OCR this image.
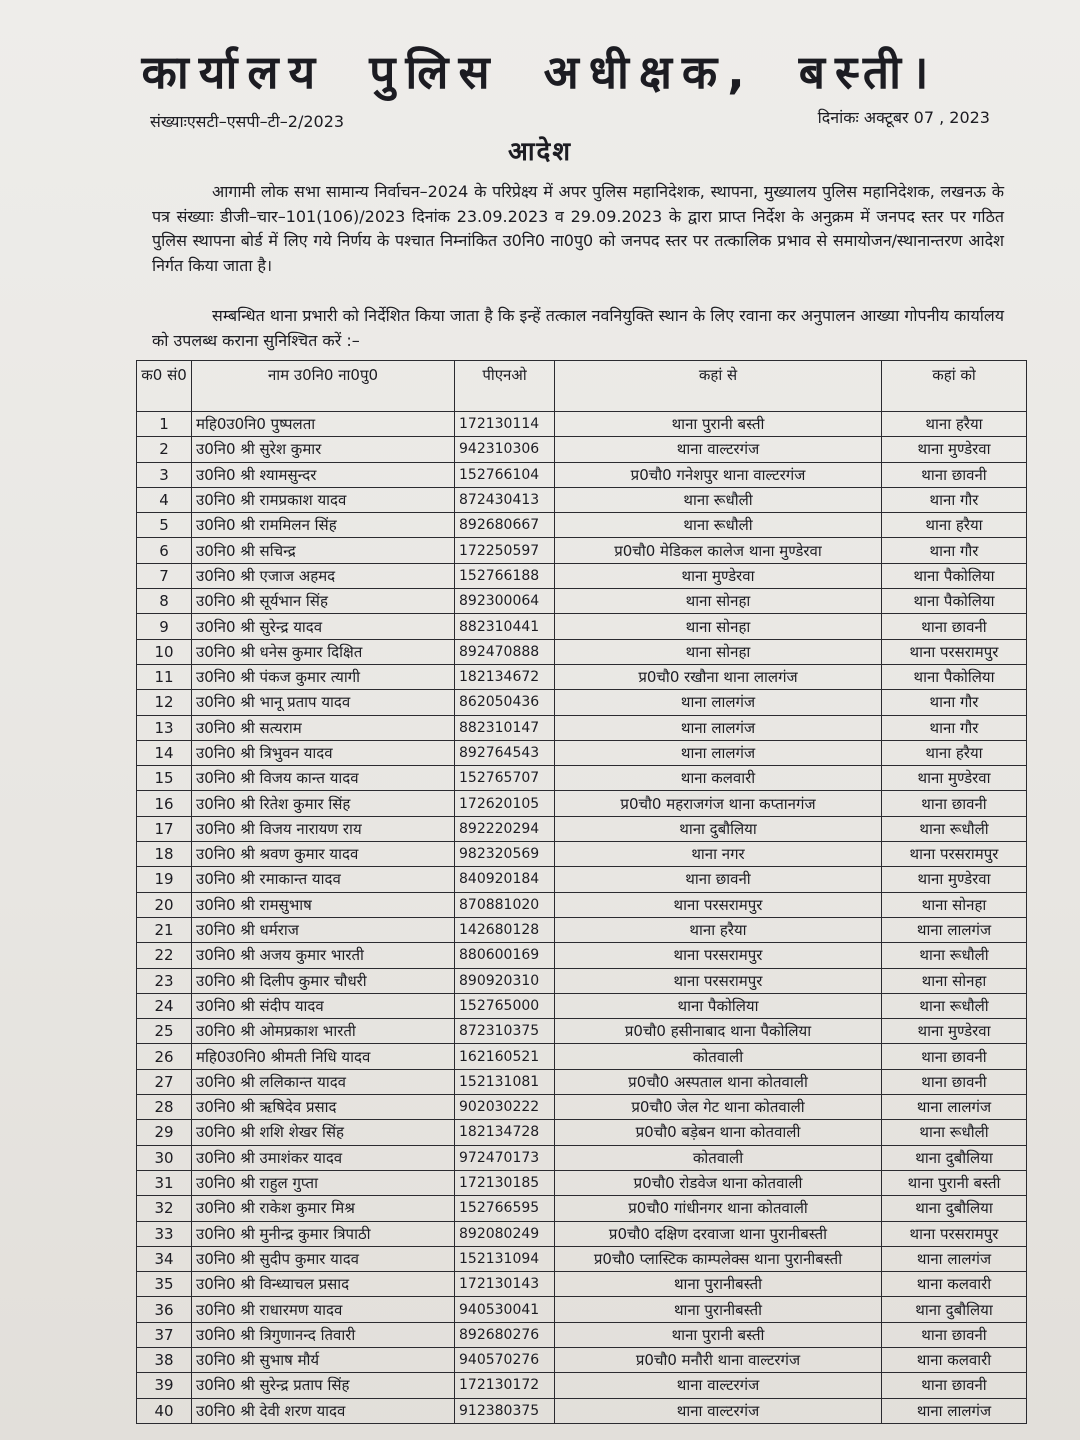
कार्यालय पुलिस अधीक्षक, बस्ती।
संख्याःएसटी–एसपी–टी–2/2023	दिनांकः अक्टूबर 07 , 2023
आदेश
आगामी लोक सभा सामान्य निर्वाचन–2024 के परिप्रेक्ष्य में अपर पुलिस महानिदेशक, स्थापना, मुख्यालय पुलिस महानिदेशक, लखनऊ के पत्र संख्याः डीजी–चार–101(106)/2023 दिनांक 23.09.2023 व 29.09.2023 के द्वारा प्राप्त निर्देश के अनुक्रम में जनपद स्तर पर गठित पुलिस स्थापना बोर्ड में लिए गये निर्णय के पश्चात निम्नांकित उ0नि0 ना0पु0 को जनपद स्तर पर तत्कालिक प्रभाव से समायोजन/स्थानान्तरण आदेश निर्गत किया जाता है।
सम्बन्धित थाना प्रभारी को निर्देशित किया जाता है कि इन्हें तत्काल नवनियुक्ति स्थान के लिए रवाना कर अनुपालन आख्या गोपनीय कार्यालय को उपलब्ध कराना सुनिश्चित करें :–
क0 सं0	नाम उ0नि0 ना0पु0	पीएनओ	कहां से	कहां को
1	महि0उ0नि0 पुष्पलता	172130114	थाना पुरानी बस्ती	थाना हरैया
2	उ0नि0 श्री सुरेश कुमार	942310306	थाना वाल्टरगंज	थाना मुण्डेरवा
3	उ0नि0 श्री श्यामसुन्दर	152766104	प्र0चौ0 गनेशपुर थाना वाल्टरगंज	थाना छावनी
4	उ0नि0 श्री रामप्रकाश यादव	872430413	थाना रूधौली	थाना गौर
5	उ0नि0 श्री राममिलन सिंह	892680667	थाना रूधौली	थाना हरैया
6	उ0नि0 श्री सचिन्द्र	172250597	प्र0चौ0 मेडिकल कालेज थाना मुण्डेरवा	थाना गौर
7	उ0नि0 श्री एजाज अहमद	152766188	थाना मुण्डेरवा	थाना पैकोलिया
8	उ0नि0 श्री सूर्यभान सिंह	892300064	थाना सोनहा	थाना पैकोलिया
9	उ0नि0 श्री सुरेन्द्र यादव	882310441	थाना सोनहा	थाना छावनी
10	उ0नि0 श्री धनेस कुमार दिक्षित	892470888	थाना सोनहा	थाना परसरामपुर
11	उ0नि0 श्री पंकज कुमार त्यागी	182134672	प्र0चौ0 रखौना थाना लालगंज	थाना पैकोलिया
12	उ0नि0 श्री भानू प्रताप यादव	862050436	थाना लालगंज	थाना गौर
13	उ0नि0 श्री सत्यराम	882310147	थाना लालगंज	थाना गौर
14	उ0नि0 श्री त्रिभुवन यादव	892764543	थाना लालगंज	थाना हरैया
15	उ0नि0 श्री विजय कान्त यादव	152765707	थाना कलवारी	थाना मुण्डेरवा
16	उ0नि0 श्री रितेश कुमार सिंह	172620105	प्र0चौ0 महराजगंज थाना कप्तानगंज	थाना छावनी
17	उ0नि0 श्री विजय नारायण राय	892220294	थाना दुबौलिया	थाना रूधौली
18	उ0नि0 श्री श्रवण कुमार यादव	982320569	थाना नगर	थाना परसरामपुर
19	उ0नि0 श्री रमाकान्त यादव	840920184	थाना छावनी	थाना मुण्डेरवा
20	उ0नि0 श्री रामसुभाष	870881020	थाना परसरामपुर	थाना सोनहा
21	उ0नि0 श्री धर्मराज	142680128	थाना हरैया	थाना लालगंज
22	उ0नि0 श्री अजय कुमार भारती	880600169	थाना परसरामपुर	थाना रूधौली
23	उ0नि0 श्री दिलीप कुमार चौधरी	890920310	थाना परसरामपुर	थाना सोनहा
24	उ0नि0 श्री संदीप यादव	152765000	थाना पैकोलिया	थाना रूधौली
25	उ0नि0 श्री ओमप्रकाश भारती	872310375	प्र0चौ0 हसीनाबाद थाना पैकोलिया	थाना मुण्डेरवा
26	महि0उ0नि0 श्रीमती निधि यादव	162160521	कोतवाली	थाना छावनी
27	उ0नि0 श्री ललिकान्त यादव	152131081	प्र0चौ0 अस्पताल थाना कोतवाली	थाना छावनी
28	उ0नि0 श्री ऋषिदेव प्रसाद	902030222	प्र0चौ0 जेल गेट थाना कोतवाली	थाना लालगंज
29	उ0नि0 श्री शशि शेखर सिंह	182134728	प्र0चौ0 बड़ेबन थाना कोतवाली	थाना रूधौली
30	उ0नि0 श्री उमाशंकर यादव	972470173	कोतवाली	थाना दुबौलिया
31	उ0नि0 श्री राहुल गुप्ता	172130185	प्र0चौ0 रोडवेज थाना कोतवाली	थाना पुरानी बस्ती
32	उ0नि0 श्री राकेश कुमार मिश्र	152766595	प्र0चौ0 गांधीनगर थाना कोतवाली	थाना दुबौलिया
33	उ0नि0 श्री मुनीन्द्र कुमार त्रिपाठी	892080249	प्र0चौ0 दक्षिण दरवाजा थाना पुरानीबस्ती	थाना परसरामपुर
34	उ0नि0 श्री सुदीप कुमार यादव	152131094	प्र0चौ0 प्लास्टिक काम्पलेक्स थाना पुरानीबस्ती	थाना लालगंज
35	उ0नि0 श्री विन्ध्याचल प्रसाद	172130143	थाना पुरानीबस्ती	थाना कलवारी
36	उ0नि0 श्री राधारमण यादव	940530041	थाना पुरानीबस्ती	थाना दुबौलिया
37	उ0नि0 श्री त्रिगुणानन्द तिवारी	892680276	थाना पुरानी बस्ती	थाना छावनी
38	उ0नि0 श्री सुभाष मौर्य	940570276	प्र0चौ0 मनौरी थाना वाल्टरगंज	थाना कलवारी
39	उ0नि0 श्री सुरेन्द्र प्रताप सिंह	172130172	थाना वाल्टरगंज	थाना छावनी
40	उ0नि0 श्री देवी शरण यादव	912380375	थाना वाल्टरगंज	थाना लालगंज
